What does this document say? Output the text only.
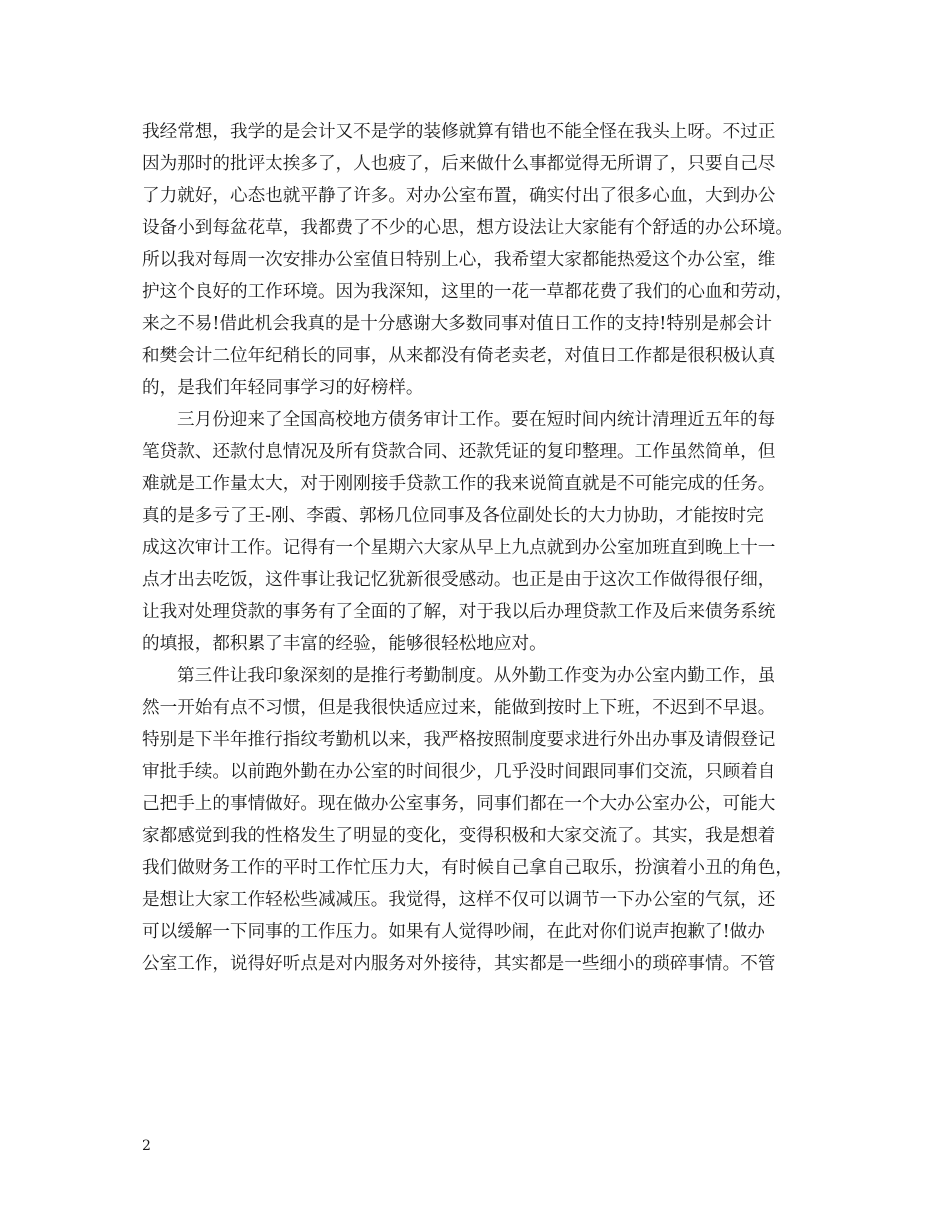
我经常想，我学的是会计又不是学的装修就算有错也不能全怪在我头上呀。不过正
因为那时的批评太挨多了，人也疲了，后来做什么事都觉得无所谓了，只要自己尽
了力就好，心态也就平静了许多。对办公室布置，确实付出了很多心血，大到办公
设备小到每盆花草，我都费了不少的心思，想方设法让大家能有个舒适的办公环境。
所以我对每周一次安排办公室值日特别上心，我希望大家都能热爱这个办公室，维
护这个良好的工作环境。因为我深知，这里的一花一草都花费了我们的心血和劳动，
来之不易!借此机会我真的是十分感谢大多数同事对值日工作的支持!特别是郝会计
和樊会计二位年纪稍长的同事，从来都没有倚老卖老，对值日工作都是很积极认真
的，是我们年轻同事学习的好榜样。
三月份迎来了全国高校地方债务审计工作。要在短时间内统计清理近五年的每
笔贷款、还款付息情况及所有贷款合同、还款凭证的复印整理。工作虽然简单，但
难就是工作量太大，对于刚刚接手贷款工作的我来说简直就是不可能完成的任务。
真的是多亏了王-刚、李霞、郭杨几位同事及各位副处长的大力协助，才能按时完
成这次审计工作。记得有一个星期六大家从早上九点就到办公室加班直到晚上十一
点才出去吃饭，这件事让我记忆犹新很受感动。也正是由于这次工作做得很仔细，
让我对处理贷款的事务有了全面的了解，对于我以后办理贷款工作及后来债务系统
的填报，都积累了丰富的经验，能够很轻松地应对。
第三件让我印象深刻的是推行考勤制度。从外勤工作变为办公室内勤工作，虽
然一开始有点不习惯，但是我很快适应过来，能做到按时上下班，不迟到不早退。
特别是下半年推行指纹考勤机以来，我严格按照制度要求进行外出办事及请假登记
审批手续。以前跑外勤在办公室的时间很少，几乎没时间跟同事们交流，只顾着自
己把手上的事情做好。现在做办公室事务，同事们都在一个大办公室办公，可能大
家都感觉到我的性格发生了明显的变化，变得积极和大家交流了。其实，我是想着
我们做财务工作的平时工作忙压力大，有时候自己拿自己取乐，扮演着小丑的角色，
是想让大家工作轻松些减减压。我觉得，这样不仅可以调节一下办公室的气氛，还
可以缓解一下同事的工作压力。如果有人觉得吵闹，在此对你们说声抱歉了!做办
公室工作，说得好听点是对内服务对外接待，其实都是一些细小的琐碎事情。不管
2
